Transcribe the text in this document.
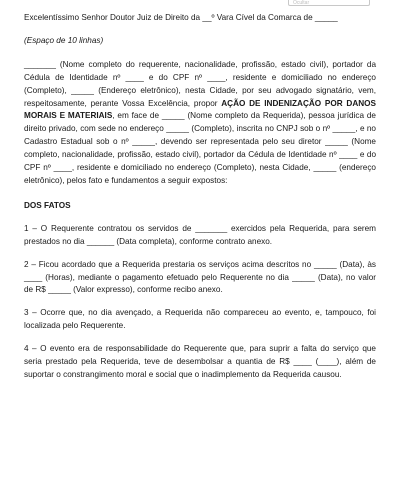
Ocultar

Excelentíssimo Senhor Doutor Juiz de Direito da __º Vara Cível da Comarca de _____

(Espaço de 10 linhas)

_______ (Nome completo do requerente, nacionalidade, profissão, estado civil), portador da Cédula de Identidade nº ____ e do CPF nº ____, residente e domiciliado no endereço (Completo), _____ (Endereço eletrônico), nesta Cidade, por seu advogado signatário, vem, respeitosamente, perante Vossa Excelência, propor AÇÃO DE INDENIZAÇÃO POR DANOS MORAIS E MATERIAIS, em face de _____ (Nome completo da Requerida), pessoa jurídica de direito privado, com sede no endereço _____ (Completo), inscrita no CNPJ sob o nº _____, e no Cadastro Estadual sob o nº _____, devendo ser representada pelo seu diretor _____ (Nome completo, nacionalidade, profissão, estado civil), portador da Cédula de Identidade nº ____ e do CPF nº ____, residente e domiciliado no endereço (Completo), nesta Cidade, _____ (endereço eletrônico), pelos fato e fundamentos a seguir expostos:

DOS FATOS

1 – O Requerente contratou os servidos de _______ exercidos pela Requerida, para serem prestados no dia ______ (Data completa), conforme contrato anexo.

2 – Ficou acordado que a Requerida prestaria os serviços acima descritos no _____ (Data), às ____ (Horas), mediante o pagamento efetuado pelo Requerente no dia _____ (Data), no valor de R$ _____ (Valor expresso), conforme recibo anexo.

3 – Ocorre que, no dia avençado, a Requerida não compareceu ao evento, e, tampouco, foi localizada pelo Requerente.

4 – O evento era de responsabilidade do Requerente que, para suprir a falta do serviço que seria prestado pela Requerida, teve de desembolsar a quantia de R$ ____ (____), além de suportar o constrangimento moral e social que o inadimplemento da Requerida causou.
